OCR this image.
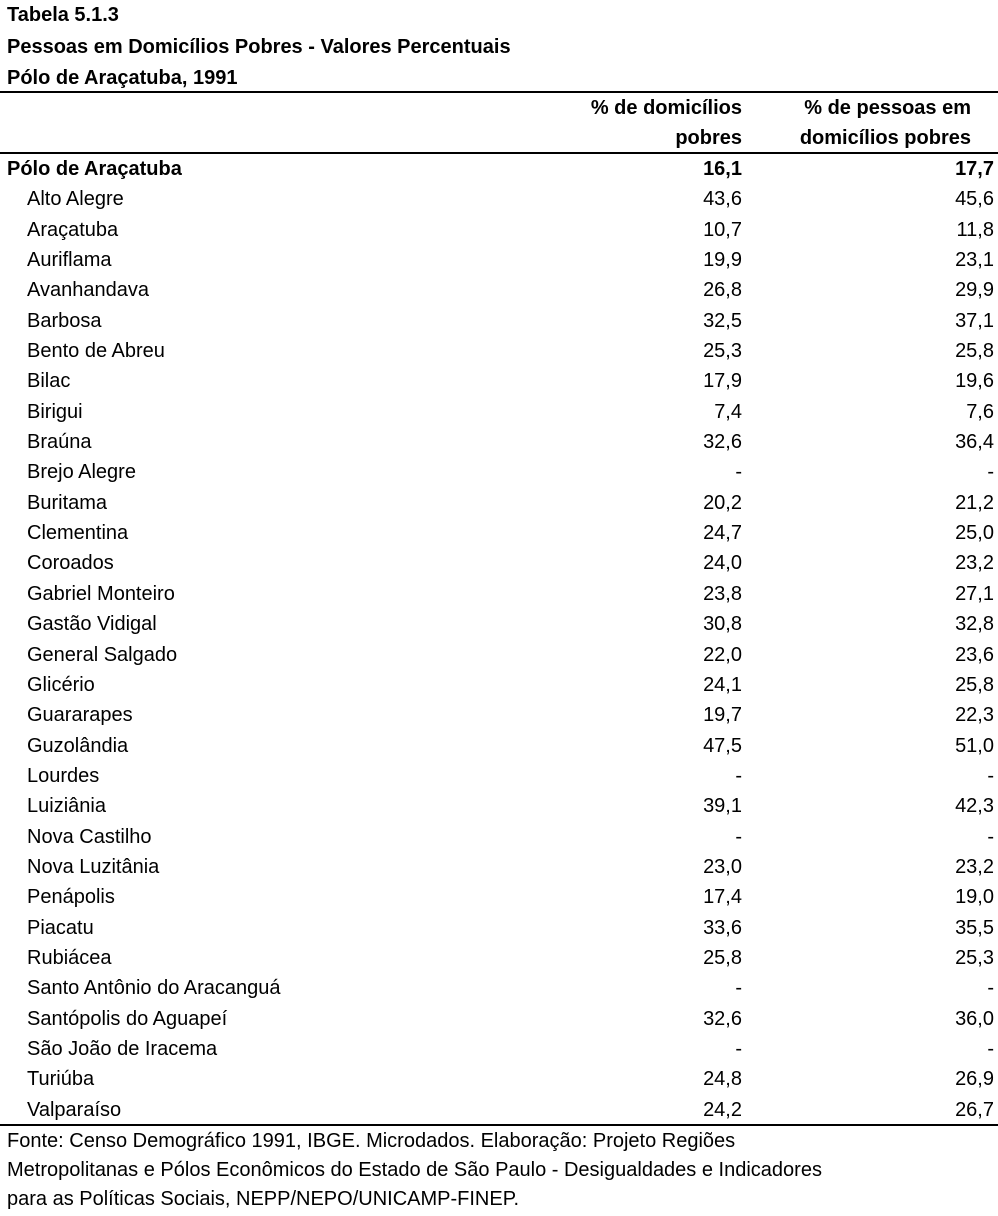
Tabela 5.1.3
Pessoas em Domicílios Pobres - Valores Percentuais
Pólo de Araçatuba, 1991
% de domicílios
pobres
% de pessoas em
domicílios pobres
Pólo de Araçatuba	16,1	17,7
Alto Alegre	43,6	45,6
Araçatuba	10,7	11,8
Auriflama	19,9	23,1
Avanhandava	26,8	29,9
Barbosa	32,5	37,1
Bento de Abreu	25,3	25,8
Bilac	17,9	19,6
Birigui	7,4	7,6
Braúna	32,6	36,4
Brejo Alegre	-	-
Buritama	20,2	21,2
Clementina	24,7	25,0
Coroados	24,0	23,2
Gabriel Monteiro	23,8	27,1
Gastão Vidigal	30,8	32,8
General Salgado	22,0	23,6
Glicério	24,1	25,8
Guararapes	19,7	22,3
Guzolândia	47,5	51,0
Lourdes	-	-
Luiziânia	39,1	42,3
Nova Castilho	-	-
Nova Luzitânia	23,0	23,2
Penápolis	17,4	19,0
Piacatu	33,6	35,5
Rubiácea	25,8	25,3
Santo Antônio do Aracanguá	-	-
Santópolis do Aguapeí	32,6	36,0
São João de Iracema	-	-
Turiúba	24,8	26,9
Valparaíso	24,2	26,7
Fonte: Censo Demográfico 1991, IBGE. Microdados. Elaboração: Projeto Regiões
Metropolitanas e Pólos Econômicos do Estado de São Paulo - Desigualdades e Indicadores
para as Políticas Sociais, NEPP/NEPO/UNICAMP-FINEP.
